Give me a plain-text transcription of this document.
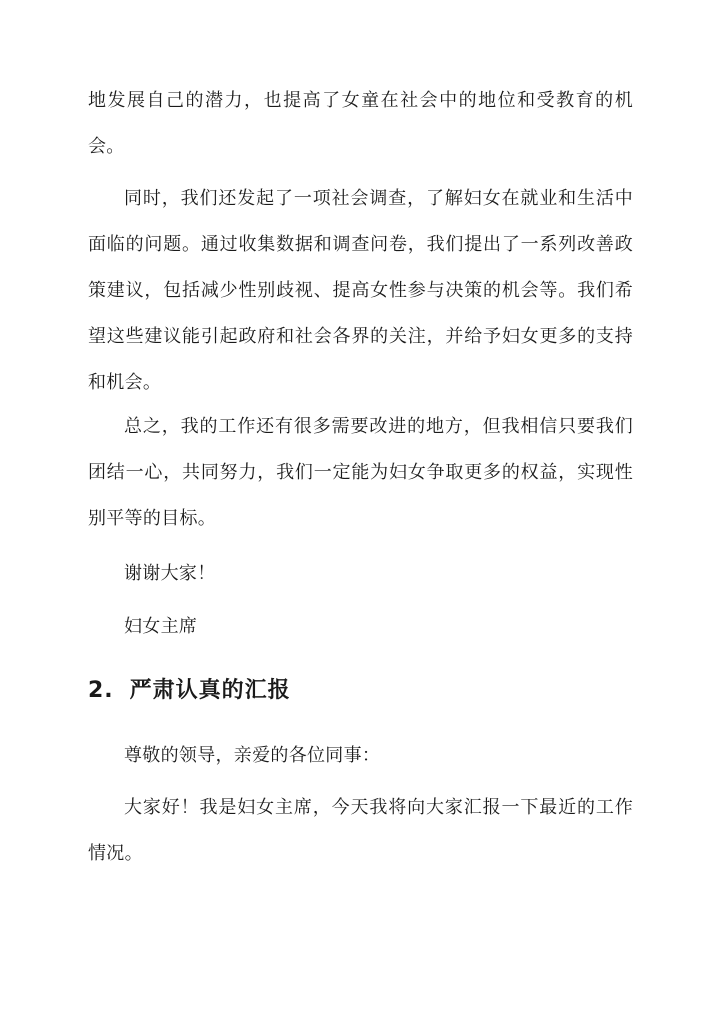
地发展自己的潜力，也提高了女童在社会中的地位和受教育的机会。

同时，我们还发起了一项社会调查，了解妇女在就业和生活中面临的问题。通过收集数据和调查问卷，我们提出了一系列改善政策建议，包括减少性别歧视、提高女性参与决策的机会等。我们希望这些建议能引起政府和社会各界的关注，并给予妇女更多的支持和机会。

总之，我的工作还有很多需要改进的地方，但我相信只要我们团结一心，共同努力，我们一定能为妇女争取更多的权益，实现性别平等的目标。

谢谢大家！

妇女主席

2. 严肃认真的汇报

尊敬的领导，亲爱的各位同事：

大家好！我是妇女主席，今天我将向大家汇报一下最近的工作情况。
